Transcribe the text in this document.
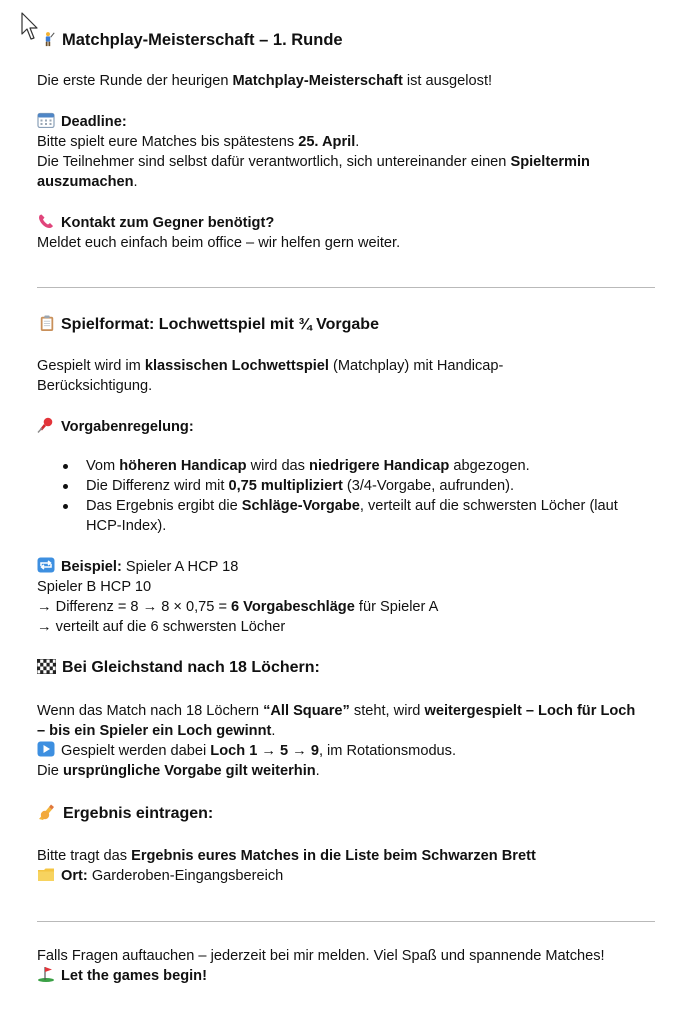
Matchplay-Meisterschaft – 1. Runde
Die erste Runde der heurigen Matchplay-Meisterschaft ist ausgelost!
Deadline:
Bitte spielt eure Matches bis spätestens 25. April.
Die Teilnehmer sind selbst dafür verantwortlich, sich untereinander einen Spieltermin auszumachen.
Kontakt zum Gegner benötigt?
Meldet euch einfach beim office – wir helfen gern weiter.
Spielformat: Lochwettspiel mit ¾ Vorgabe
Gespielt wird im klassischen Lochwettspiel (Matchplay) mit Handicap-Berücksichtigung.
Vorgabenregelung:
Vom höheren Handicap wird das niedrigere Handicap abgezogen.
Die Differenz wird mit 0,75 multipliziert (3/4-Vorgabe, aufrunden).
Das Ergebnis ergibt die Schläge-Vorgabe, verteilt auf die schwersten Löcher (laut HCP-Index).
Beispiel: Spieler A HCP 18
Spieler B HCP 10
→ Differenz = 8 → 8 × 0,75 = 6 Vorgabeschläge für Spieler A
→ verteilt auf die 6 schwersten Löcher
Bei Gleichstand nach 18 Löchern:
Wenn das Match nach 18 Löchern “All Square” steht, wird weitergespielt – Loch für Loch – bis ein Spieler ein Loch gewinnt.
Gespielt werden dabei Loch 1 → 5 → 9, im Rotationsmodus.
Die ursprüngliche Vorgabe gilt weiterhin.
Ergebnis eintragen:
Bitte tragt das Ergebnis eures Matches in die Liste beim Schwarzen Brett
Ort: Garderoben-Eingangsbereich
Falls Fragen auftauchen – jederzeit bei mir melden. Viel Spaß und spannende Matches!
Let the games begin!
